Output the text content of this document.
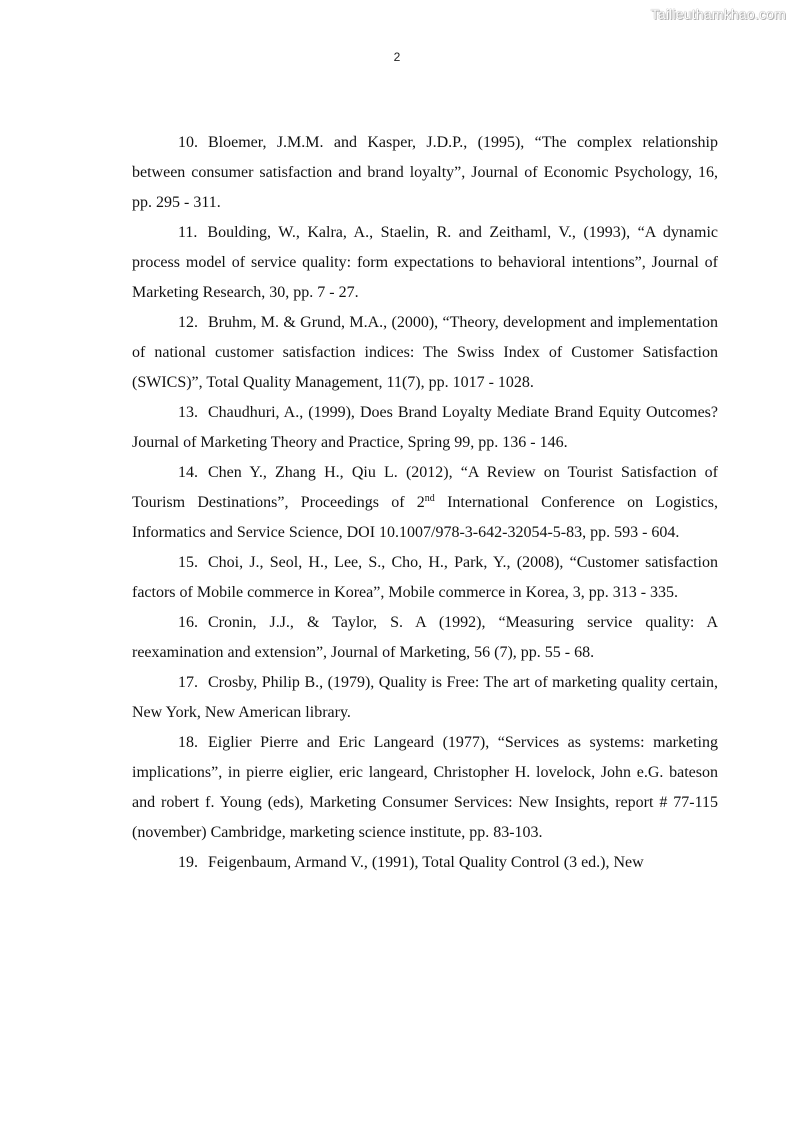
Tailieuthamkhao.com
2

10. Bloemer, J.M.M. and Kasper, J.D.P., (1995), “The complex relationship between consumer satisfaction and brand loyalty”, Journal of Economic Psychology, 16, pp. 295 - 311.

11. Boulding, W., Kalra, A., Staelin, R. and Zeithaml, V., (1993), “A dynamic process model of service quality: form expectations to behavioral intentions”, Journal of Marketing Research, 30, pp. 7 - 27.

12. Bruhm, M. & Grund, M.A., (2000), “Theory, development and implementation of national customer satisfaction indices: The Swiss Index of Customer Satisfaction (SWICS)”, Total Quality Management, 11(7), pp. 1017 - 1028.

13. Chaudhuri, A., (1999), Does Brand Loyalty Mediate Brand Equity Outcomes? Journal of Marketing Theory and Practice, Spring 99, pp. 136 - 146.

14. Chen Y., Zhang H., Qiu L. (2012), “A Review on Tourist Satisfaction of Tourism Destinations”, Proceedings of 2nd International Conference on Logistics, Informatics and Service Science, DOI 10.1007/978-3-642-32054-5-83, pp. 593 - 604.

15. Choi, J., Seol, H., Lee, S., Cho, H., Park, Y., (2008), “Customer satisfaction factors of Mobile commerce in Korea”, Mobile commerce in Korea, 3, pp. 313 - 335.

16. Cronin, J.J., & Taylor, S. A (1992), “Measuring service quality: A reexamination and extension”, Journal of Marketing, 56 (7), pp. 55 - 68.

17. Crosby, Philip B., (1979), Quality is Free: The art of marketing quality certain, New York, New American library.

18. Eiglier Pierre and Eric Langeard (1977), “Services as systems: marketing implications”, in pierre eiglier, eric langeard, Christopher H. lovelock, John e.G. bateson and robert f. Young (eds), Marketing Consumer Services: New Insights, report # 77-115 (november) Cambridge, marketing science institute, pp. 83-103.

19. Feigenbaum, Armand V., (1991), Total Quality Control (3 ed.), New
